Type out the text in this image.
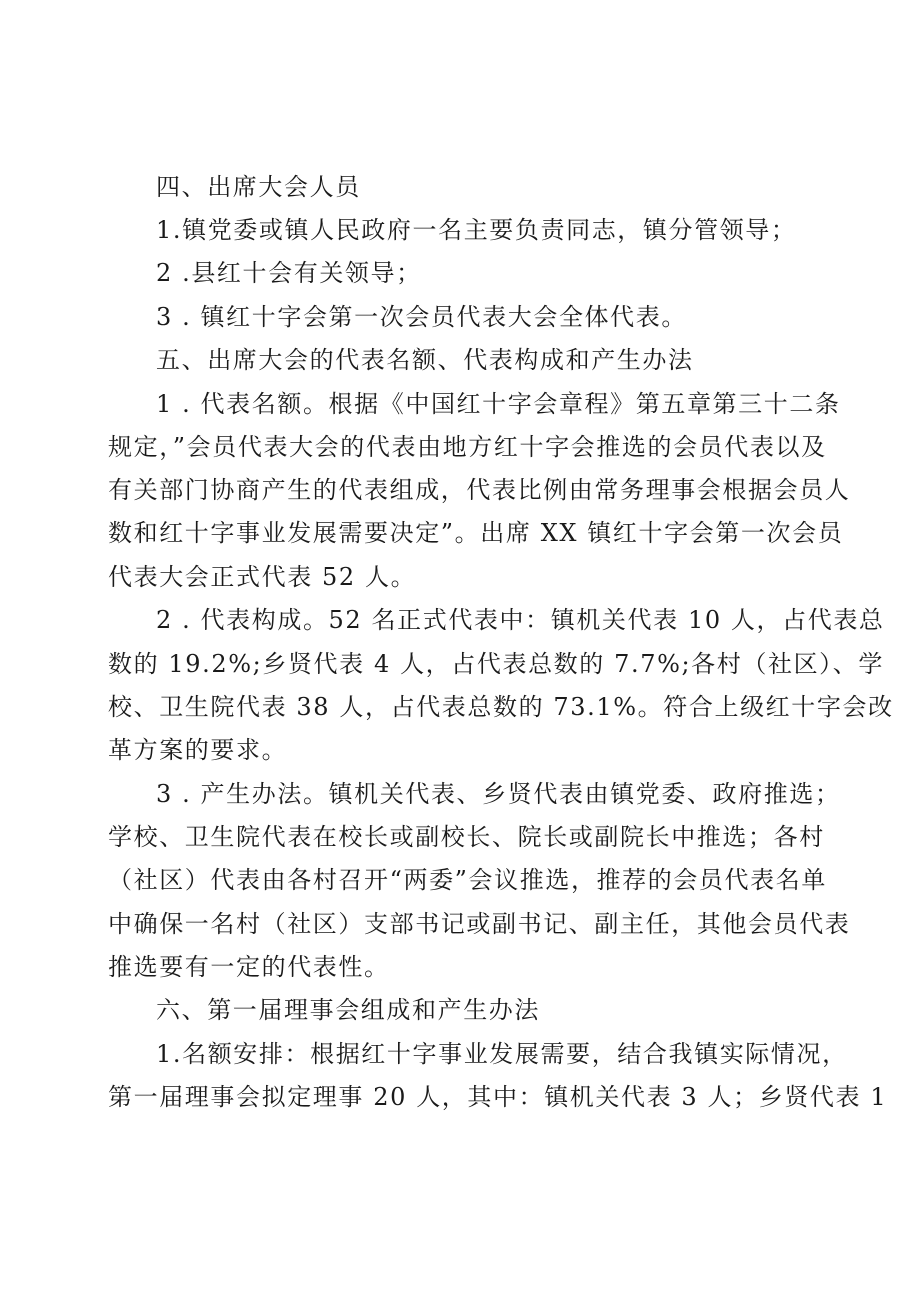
四、出席大会人员
1.镇党委或镇人民政府一名主要负责同志，镇分管领导；
2 .县红十会有关领导；
3 . 镇红十字会第一次会员代表大会全体代表。
五、出席大会的代表名额、代表构成和产生办法
1 . 代表名额。根据《中国红十字会章程》第五章第三十二条
规定，”会员代表大会的代表由地方红十字会推选的会员代表以及
有关部门协商产生的代表组成，代表比例由常务理事会根据会员人
数和红十字事业发展需要决定”。出席 XX 镇红十字会第一次会员
代表大会正式代表 52 人。
2 . 代表构成。52 名正式代表中：镇机关代表 10 人，占代表总
数的 19.2%;乡贤代表 4 人，占代表总数的 7.7%;各村（社区）、学
校、卫生院代表 38 人，占代表总数的 73.1%。符合上级红十字会改
革方案的要求。
3 . 产生办法。镇机关代表、乡贤代表由镇党委、政府推选；
学校、卫生院代表在校长或副校长、院长或副院长中推选；各村
（社区）代表由各村召开“两委”会议推选，推荐的会员代表名单
中确保一名村（社区）支部书记或副书记、副主任，其他会员代表
推选要有一定的代表性。
六、第一届理事会组成和产生办法
1.名额安排：根据红十字事业发展需要，结合我镇实际情况，
第一届理事会拟定理事 20 人，其中：镇机关代表 3 人；乡贤代表 1
